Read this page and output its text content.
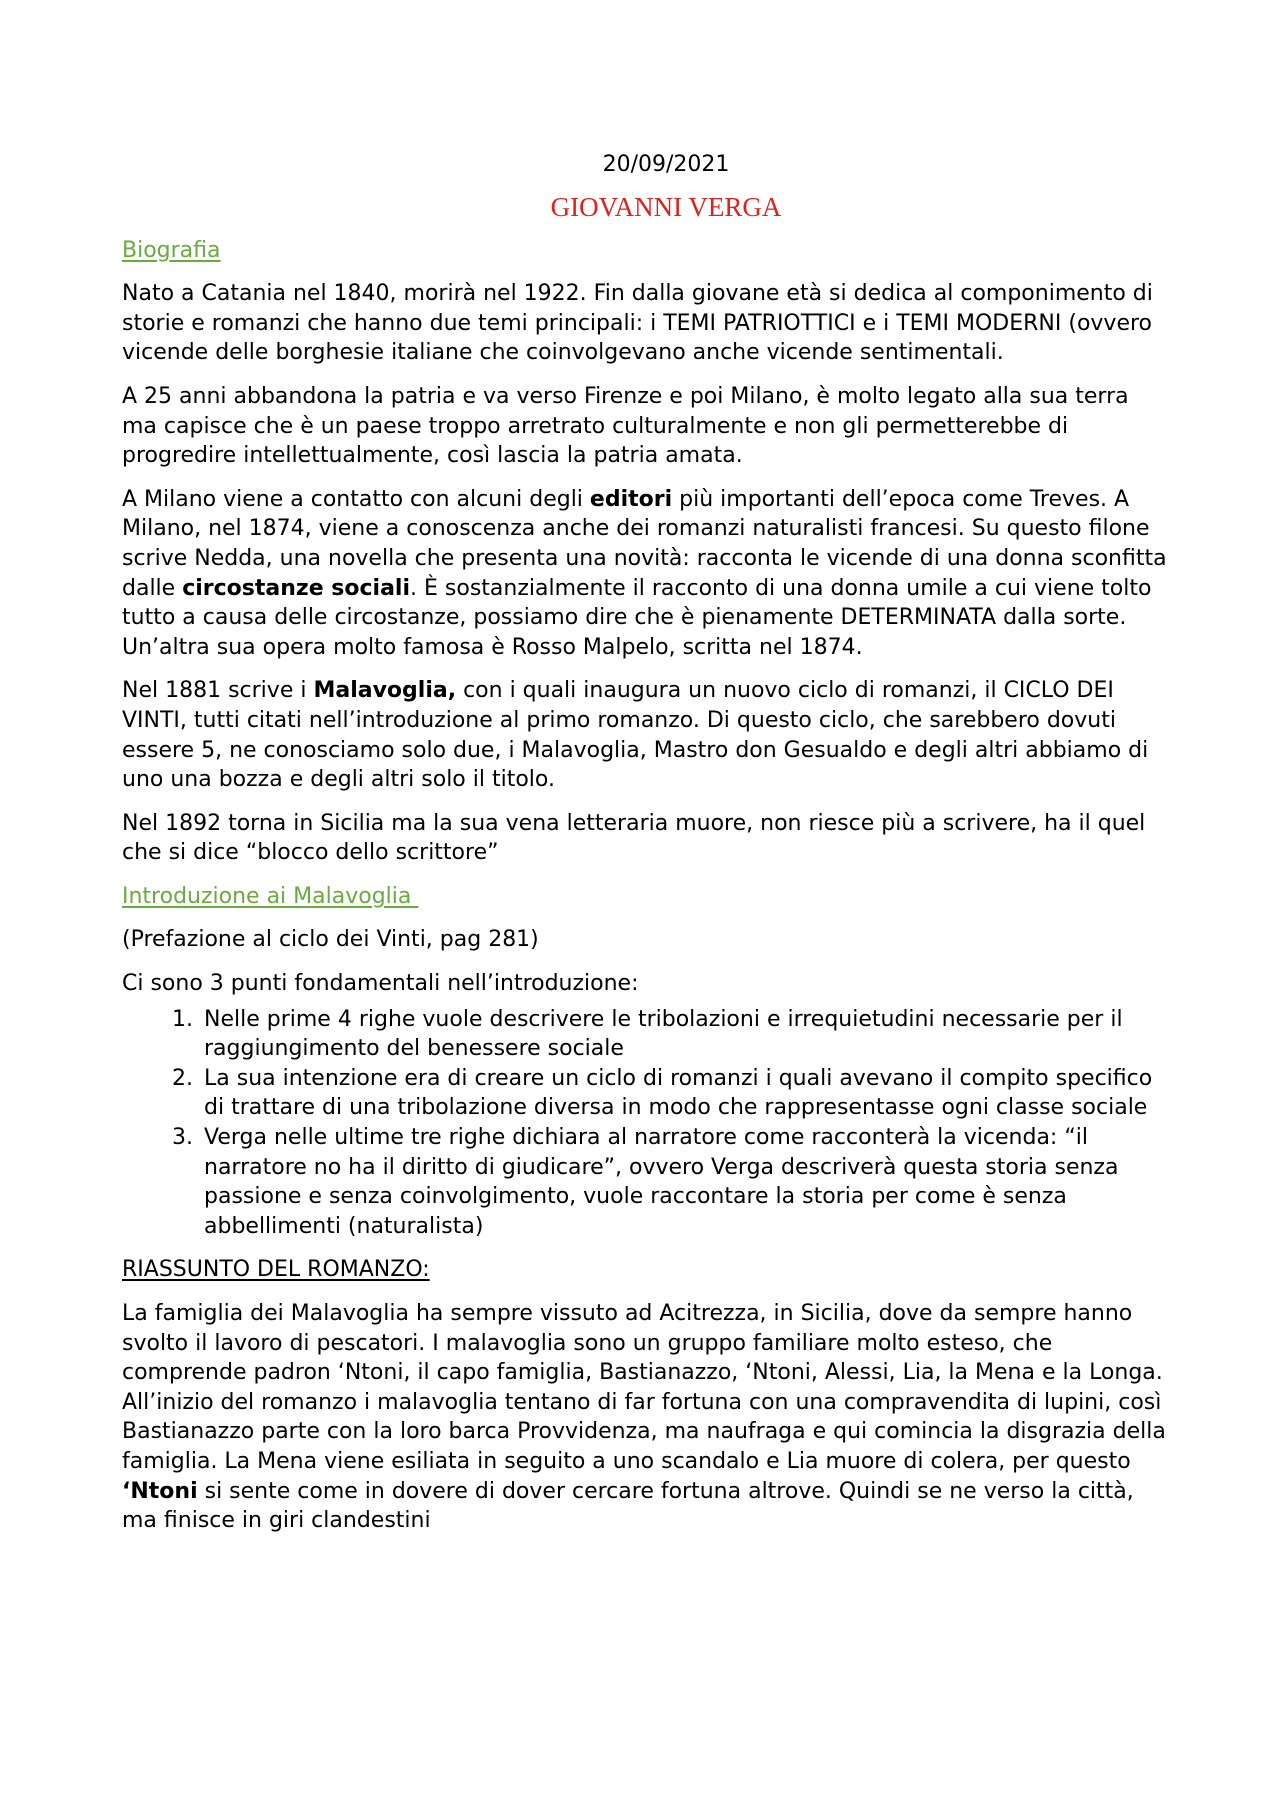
20/09/2021
GIOVANNI VERGA
Biografia

Nato a Catania nel 1840, morirà nel 1922. Fin dalla giovane età si dedica al componimento di storie e romanzi che hanno due temi principali: i TEMI PATRIOTTICI e i TEMI MODERNI (ovvero vicende delle borghesie italiane che coinvolgevano anche vicende sentimentali.

A 25 anni abbandona la patria e va verso Firenze e poi Milano, è molto legato alla sua terra ma capisce che è un paese troppo arretrato culturalmente e non gli permetterebbe di progredire intellettualmente, così lascia la patria amata.

A Milano viene a contatto con alcuni degli editori più importanti dell’epoca come Treves. A Milano, nel 1874, viene a conoscenza anche dei romanzi naturalisti francesi. Su questo filone scrive Nedda, una novella che presenta una novità: racconta le vicende di una donna sconfitta dalle circostanze sociali. È sostanzialmente il racconto di una donna umile a cui viene tolto tutto a causa delle circostanze, possiamo dire che è pienamente DETERMINATA dalla sorte. Un’altra sua opera molto famosa è Rosso Malpelo, scritta nel 1874.

Nel 1881 scrive i Malavoglia, con i quali inaugura un nuovo ciclo di romanzi, il CICLO DEI VINTI, tutti citati nell’introduzione al primo romanzo. Di questo ciclo, che sarebbero dovuti essere 5, ne conosciamo solo due, i Malavoglia, Mastro don Gesualdo e degli altri abbiamo di uno una bozza e degli altri solo il titolo.

Nel 1892 torna in Sicilia ma la sua vena letteraria muore, non riesce più a scrivere, ha il quel che si dice “blocco dello scrittore”

Introduzione ai Malavoglia

(Prefazione al ciclo dei Vinti, pag 281)

Ci sono 3 punti fondamentali nell’introduzione:

1. Nelle prime 4 righe vuole descrivere le tribolazioni e irrequietudini necessarie per il raggiungimento del benessere sociale
2. La sua intenzione era di creare un ciclo di romanzi i quali avevano il compito specifico di trattare di una tribolazione diversa in modo che rappresentasse ogni classe sociale
3. Verga nelle ultime tre righe dichiara al narratore come racconterà la vicenda: “il narratore no ha il diritto di giudicare”, ovvero Verga descriverà questa storia senza passione e senza coinvolgimento, vuole raccontare la storia per come è senza abbellimenti (naturalista)
RIASSUNTO DEL ROMANZO:

La famiglia dei Malavoglia ha sempre vissuto ad Acitrezza, in Sicilia, dove da sempre hanno svolto il lavoro di pescatori. I malavoglia sono un gruppo familiare molto esteso, che comprende padron ‘Ntoni, il capo famiglia, Bastianazzo, ‘Ntoni, Alessi, Lia, la Mena e la Longa. All’inizio del romanzo i malavoglia tentano di far fortuna con una compravendita di lupini, così Bastianazzo parte con la loro barca Provvidenza, ma naufraga e qui comincia la disgrazia della famiglia. La Mena viene esiliata in seguito a uno scandalo e Lia muore di colera, per questo ‘Ntoni si sente come in dovere di dover cercare fortuna altrove. Quindi se ne verso la città, ma finisce in giri clandestini
